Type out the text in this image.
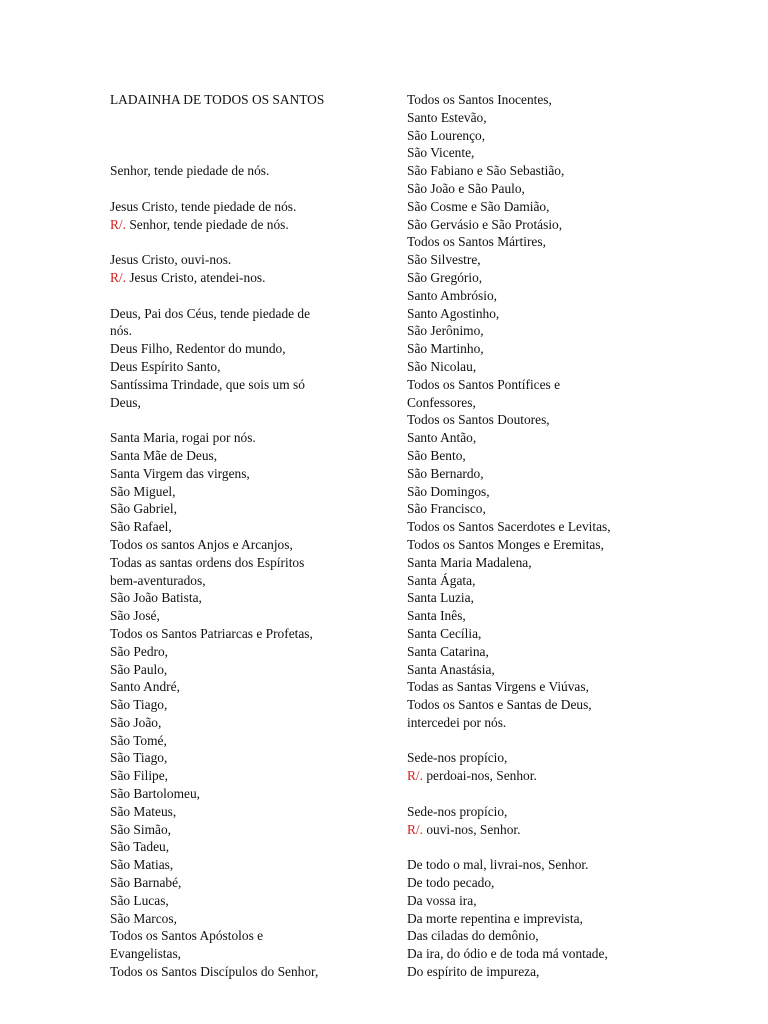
LADAINHA DE TODOS OS SANTOS
Senhor, tende piedade de nós.
Jesus Cristo, tende piedade de nós.
R/. Senhor, tende piedade de nós.
Jesus Cristo, ouvi-nos.
R/. Jesus Cristo, atendei-nos.
Deus, Pai dos Céus, tende piedade de
nós.
Deus Filho, Redentor do mundo,
Deus Espírito Santo,
Santíssima Trindade, que sois um só
Deus,
Santa Maria, rogai por nós.
Santa Mãe de Deus,
Santa Virgem das virgens,
São Miguel,
São Gabriel,
São Rafael,
Todos os santos Anjos e Arcanjos,
Todas as santas ordens dos Espíritos
bem-aventurados,
São João Batista,
São José,
Todos os Santos Patriarcas e Profetas,
São Pedro,
São Paulo,
Santo André,
São Tiago,
São João,
São Tomé,
São Tiago,
São Filipe,
São Bartolomeu,
São Mateus,
São Simão,
São Tadeu,
São Matias,
São Barnabé,
São Lucas,
São Marcos,
Todos os Santos Apóstolos e
Evangelistas,
Todos os Santos Discípulos do Senhor,
Todos os Santos Inocentes,
Santo Estevão,
São Lourenço,
São Vicente,
São Fabiano e São Sebastião,
São João e São Paulo,
São Cosme e São Damião,
São Gervásio e São Protásio,
Todos os Santos Mártires,
São Silvestre,
São Gregório,
Santo Ambrósio,
Santo Agostinho,
São Jerônimo,
São Martinho,
São Nicolau,
Todos os Santos Pontífices e
Confessores,
Todos os Santos Doutores,
Santo Antão,
São Bento,
São Bernardo,
São Domingos,
São Francisco,
Todos os Santos Sacerdotes e Levitas,
Todos os Santos Monges e Eremitas,
Santa Maria Madalena,
Santa Ágata,
Santa Luzia,
Santa Inês,
Santa Cecília,
Santa Catarina,
Santa Anastásia,
Todas as Santas Virgens e Viúvas,
Todos os Santos e Santas de Deus,
intercedei por nós.
Sede-nos propício,
R/. perdoai-nos, Senhor.
Sede-nos propício,
R/. ouvi-nos, Senhor.
De todo o mal, livrai-nos, Senhor.
De todo pecado,
Da vossa ira,
Da morte repentina e imprevista,
Das ciladas do demônio,
Da ira, do ódio e de toda má vontade,
Do espírito de impureza,
